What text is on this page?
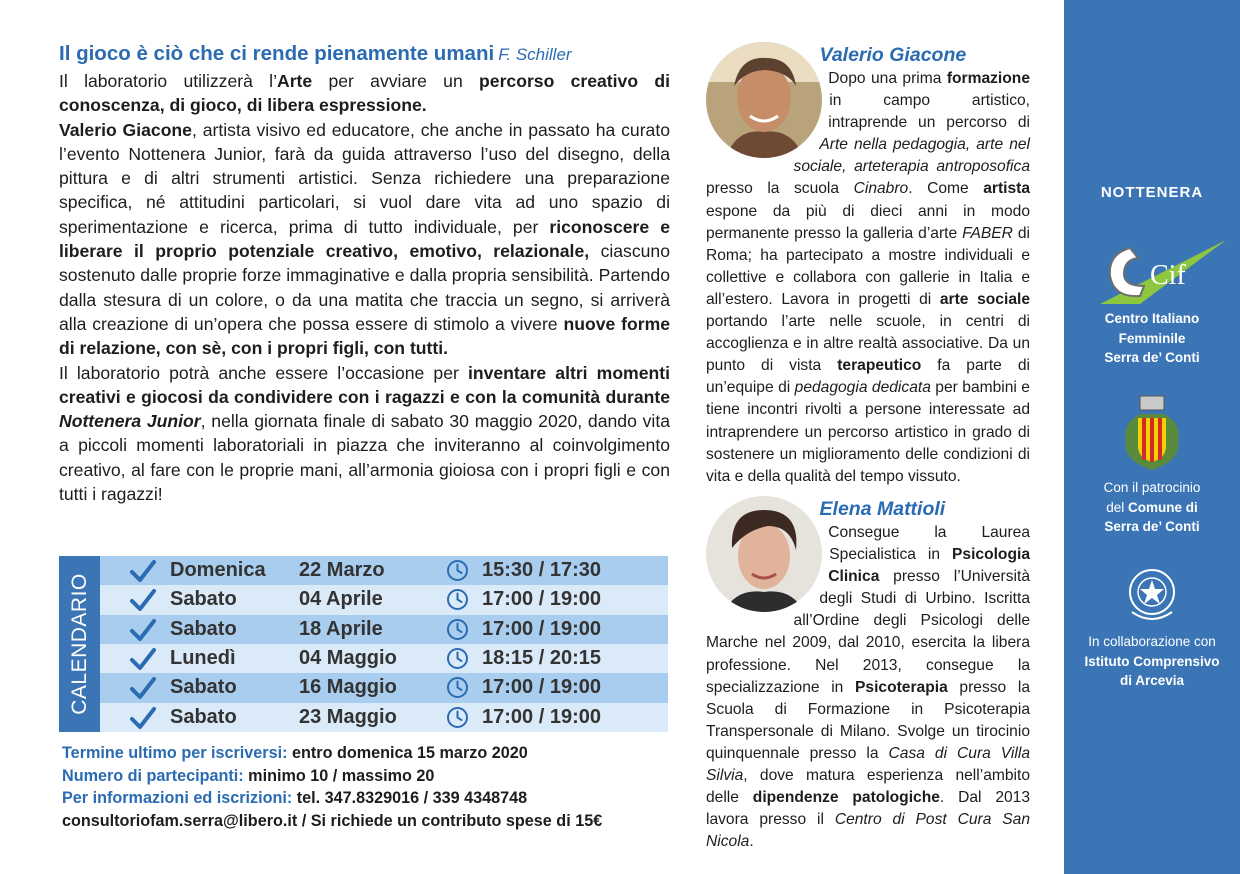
Il gioco è ciò che ci rende pienamente umani F. Schiller

Il laboratorio utilizzerà l’Arte per avviare un percorso creativo di conoscenza, di gioco, di libera espressione.

Valerio Giacone, artista visivo ed educatore, che anche in passato ha curato l’evento Nottenera Junior, farà da guida attraverso l’uso del disegno, della pittura e di altri strumenti artistici. Senza richiedere una preparazione specifica, né attitudini particolari, si vuol dare vita ad uno spazio di sperimentazione e ricerca, prima di tutto individuale, per riconoscere e liberare il proprio potenziale creativo, emotivo, relazionale, ciascuno sostenuto dalle proprie forze immaginative e dalla propria sensibilità. Partendo dalla stesura di un colore, o da una matita che traccia un segno, si arriverà alla creazione di un’opera che possa essere di stimolo a vivere nuove forme di relazione, con sè, con i propri figli, con tutti.

Il laboratorio potrà anche essere l’occasione per inventare altri momenti creativi e giocosi da condividere con i ragazzi e con la comunità durante Nottenera Junior, nella giornata finale di sabato 30 maggio 2020, dando vita a piccoli momenti laboratoriali in piazza che inviteranno al coinvolgimento creativo, al fare con le proprie mani, all’armonia gioiosa con i propri figli e con tutti i ragazzi!

CALENDARIO
Domenica 22 Marzo	15:30 / 17:30
Sabato	04 Aprile	17:00 / 19:00
Sabato	18 Aprile	17:00 / 19:00
Lunedì	04 Maggio	18:15 / 20:15
Sabato	16 Maggio	17:00 / 19:00
Sabato	23 Maggio	17:00 / 19:00
Termine ultimo per iscriversi: entro domenica 15 marzo 2020
Numero di partecipanti: minimo 10 / massimo 20
Per informazioni ed iscrizioni: tel. 347.8329016 / 339 4348748
consultoriofam.serra@libero.it / Si richiede un contributo spese di 15€
Valerio Giacone

Dopo una prima formazione in campo artistico, intraprende un percorso di Arte nella pedagogia, arte nel sociale, arteterapia antroposofica presso la scuola Cinabro. Come artista espone da più di dieci anni in modo permanente presso la galleria d’arte FABER di Roma; ha partecipato a mostre individuali e collettive e collabora con gallerie in Italia e all’estero. Lavora in progetti di arte sociale portando l’arte nelle scuole, in centri di accoglienza e in altre realtà associative. Da un punto di vista terapeutico fa parte di un’equipe di pedagogia dedicata per bambini e tiene incontri rivolti a persone interessate ad intraprendere un percorso artistico in grado di sostenere un miglioramento delle condizioni di vita e della qualità del tempo vissuto.

Elena Mattioli

Consegue la Laurea Specialistica in Psicologia Clinica presso l’Università degli Studi di Urbino. Iscritta all’Ordine degli Psicologi delle Marche nel 2009, dal 2010, esercita la libera professione. Nel 2013, consegue la specializzazione in Psicoterapia presso la Scuola di Formazione in Psicoterapia Transpersonale di Milano. Svolge un tirocinio quinquennale presso la Casa di Cura Villa Silvia, dove matura esperienza nell’ambito delle dipendenze patologiche. Dal 2013 lavora presso il Centro di Post Cura San Nicola.

NOTTENERA
Cif
Centro Italiano
Femminile
Serra de’ Conti
Con il patrocinio
del Comune di
Serra de’ Conti
In collaborazione con
Istituto Comprensivo
di Arcevia
